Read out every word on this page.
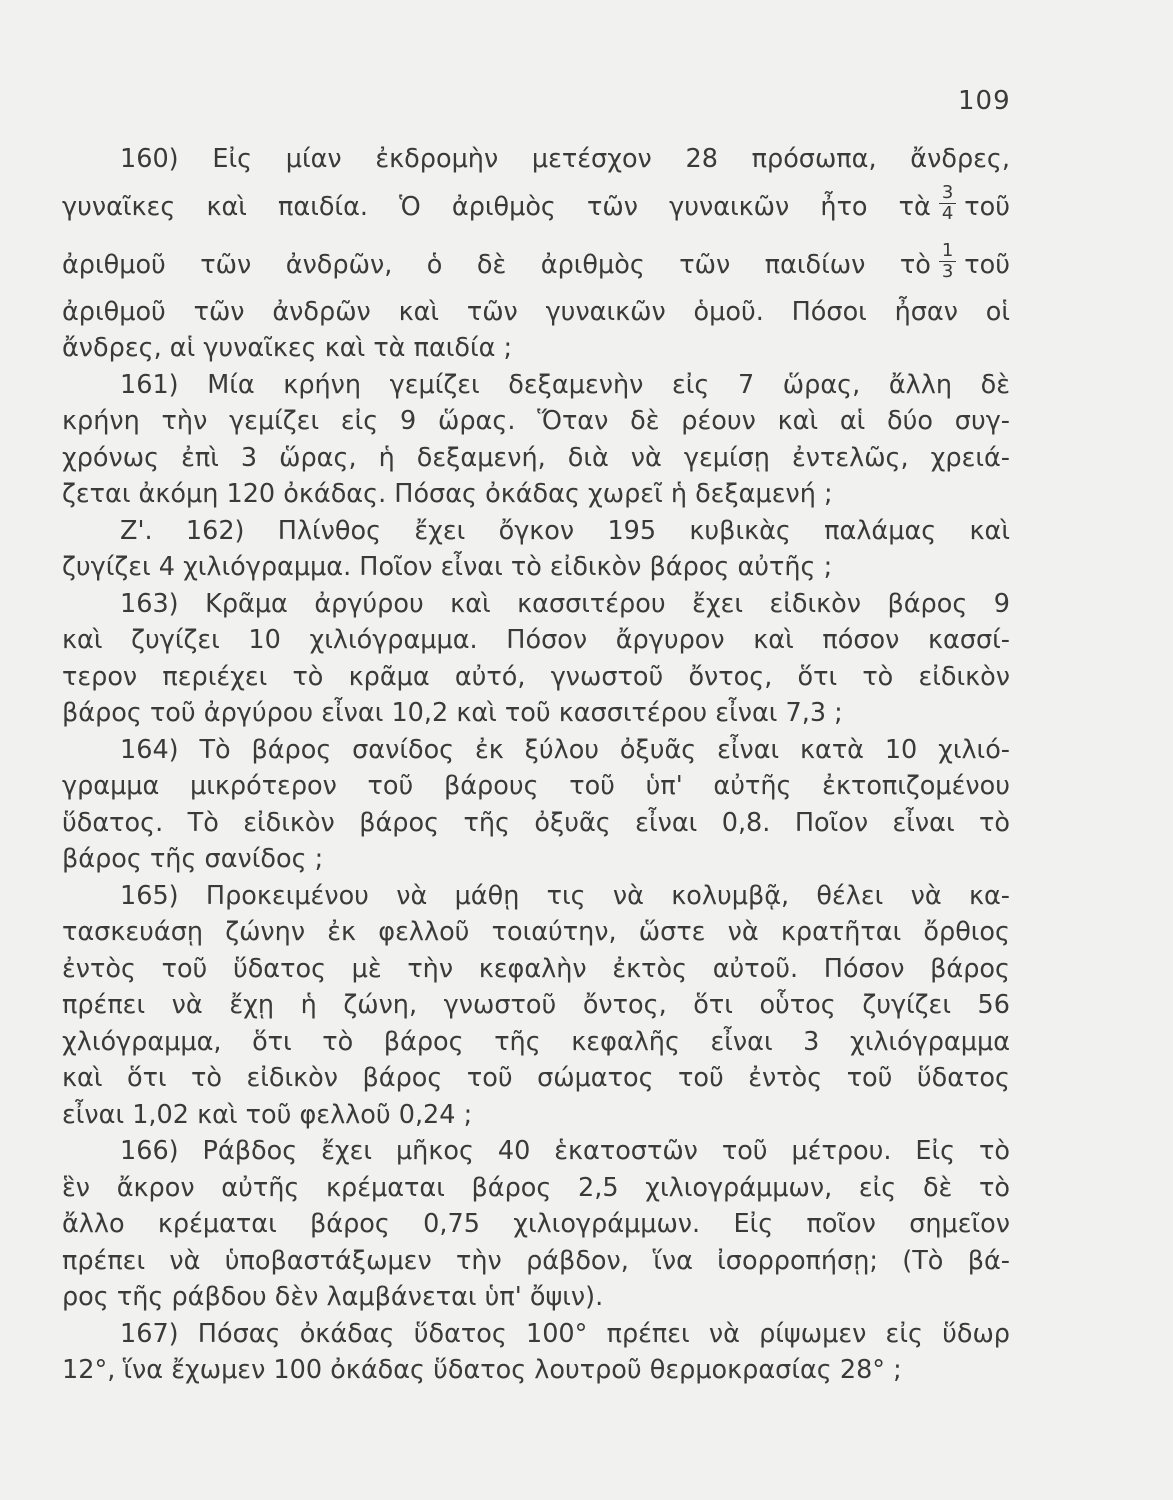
109
160) Εἰς μίαν ἐκδρομὴν μετέσχον 28 πρόσωπα, ἄνδρες,
γυναῖκες καὶ παιδία. Ὁ ἀριθμὸς τῶν γυναικῶν ἦτο τὰ $\frac{3}{4}$ τοῦ
ἀριθμοῦ τῶν ἀνδρῶν, ὁ δὲ ἀριθμὸς τῶν παιδίων τὸ $\frac{1}{3}$ τοῦ
ἀριθμοῦ τῶν ἀνδρῶν καὶ τῶν γυναικῶν ὁμοῦ. Πόσοι ἦσαν οἱ
ἄνδρες, αἱ γυναῖκες καὶ τὰ παιδία ;
161) Μία κρήνη γεμίζει δεξαμενὴν εἰς 7 ὥρας, ἄλλη δὲ
κρήνη τὴν γεμίζει εἰς 9 ὥρας. Ὅταν δὲ ρέουν καὶ αἱ δύο συγ-
χρόνως ἐπὶ 3 ὥρας, ἡ δεξαμενή, διὰ νὰ γεμίσῃ ἐντελῶς, χρειά-
ζεται ἀκόμη 120 ὀκάδας. Πόσας ὀκάδας χωρεῖ ἡ δεξαμενή ;
Ζ'. 162) Πλίνθος ἔχει ὄγκον 195 κυβικὰς παλάμας καὶ
ζυγίζει 4 χιλιόγραμμα. Ποῖον εἶναι τὸ εἰδικὸν βάρος αὐτῆς ;
163) Κρᾶμα ἀργύρου καὶ κασσιτέρου ἔχει εἰδικὸν βάρος 9
καὶ ζυγίζει 10 χιλιόγραμμα. Πόσον ἄργυρον καὶ πόσον κασσί-
τερον περιέχει τὸ κρᾶμα αὐτό, γνωστοῦ ὄντος, ὅτι τὸ εἰδικὸν
βάρος τοῦ ἀργύρου εἶναι 10,2 καὶ τοῦ κασσιτέρου εἶναι 7,3 ;
164) Τὸ βάρος σανίδος ἐκ ξύλου ὀξυᾶς εἶναι κατὰ 10 χιλιό-
γραμμα μικρότερον τοῦ βάρους τοῦ ὑπ' αὐτῆς ἐκτοπιζομένου
ὕδατος. Τὸ εἰδικὸν βάρος τῆς ὀξυᾶς εἶναι 0,8. Ποῖον εἶναι τὸ
βάρος τῆς σανίδος ;
165) Προκειμένου νὰ μάθῃ τις νὰ κολυμβᾷ, θέλει νὰ κα-
τασκευάσῃ ζώνην ἐκ φελλοῦ τοιαύτην, ὥστε νὰ κρατῆται ὄρθιος
ἐντὸς τοῦ ὕδατος μὲ τὴν κεφαλὴν ἐκτὸς αὐτοῦ. Πόσον βάρος
πρέπει νὰ ἔχῃ ἡ ζώνη, γνωστοῦ ὄντος, ὅτι οὗτος ζυγίζει 56
χλιόγραμμα, ὅτι τὸ βάρος τῆς κεφαλῆς εἶναι 3 χιλιόγραμμα
καὶ ὅτι τὸ εἰδικὸν βάρος τοῦ σώματος τοῦ ἐντὸς τοῦ ὕδατος
εἶναι 1,02 καὶ τοῦ φελλοῦ 0,24 ;
166) Ράβδος ἔχει μῆκος 40 ἑκατοστῶν τοῦ μέτρου. Εἰς τὸ
ἓν ἄκρον αὐτῆς κρέμαται βάρος 2,5 χιλιογράμμων, εἰς δὲ τὸ
ἄλλο κρέμαται βάρος 0,75 χιλιογράμμων. Εἰς ποῖον σημεῖον
πρέπει νὰ ὑποβαστάξωμεν τὴν ράβδον, ἵνα ἰσορροπήσῃ; (Τὸ βά-
ρος τῆς ράβδου δὲν λαμβάνεται ὑπ' ὄψιν).
167) Πόσας ὀκάδας ὕδατος 100° πρέπει νὰ ρίψωμεν εἰς ὕδωρ
12°, ἵνα ἔχωμεν 100 ὀκάδας ὕδατος λουτροῦ θερμοκρασίας 28° ;
